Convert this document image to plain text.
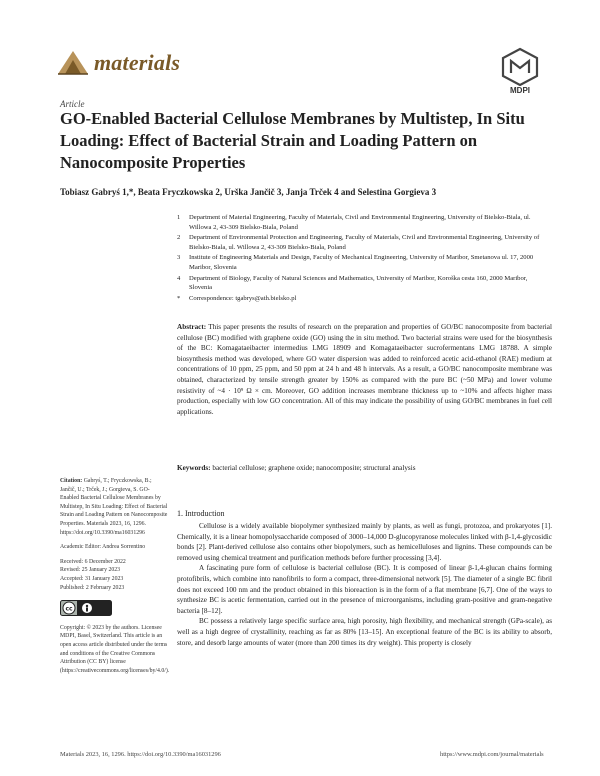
materials
MDPI
Article
GO-Enabled Bacterial Cellulose Membranes by Multistep, In Situ Loading: Effect of Bacterial Strain and Loading Pattern on Nanocomposite Properties
Tobiasz Gabryś 1,*, Beata Fryczkowska 2, Urška Jančič 3, Janja Trček 4 and Selestina Gorgieva 3
1	Department of Material Engineering, Faculty of Materials, Civil and Environmental Engineering, University of Bielsko-Biala, ul. Willowa 2, 43-309 Bielsko-Biala, Poland
2	Department of Environmental Protection and Engineering, Faculty of Materials, Civil and Environmental Engineering, University of Bielsko-Biala, ul. Willowa 2, 43-309 Bielsko-Biala, Poland
3	Institute of Engineering Materials and Design, Faculty of Mechanical Engineering, University of Maribor, Smetanova ul. 17, 2000 Maribor, Slovenia
4	Department of Biology, Faculty of Natural Sciences and Mathematics, University of Maribor, Koroška cesta 160, 2000 Maribor, Slovenia
*	Correspondence: tgabrys@ath.bielsko.pl
Abstract: This paper presents the results of research on the preparation and properties of GO/BC nanocomposite from bacterial cellulose (BC) modified with graphene oxide (GO) using the in situ method. Two bacterial strains were used for the biosynthesis of the BC: Komagataeibacter intermedius LMG 18909 and Komagataeibacter sucrofermentans LMG 18788. A simple biosynthesis method was developed, where GO water dispersion was added to reinforced acetic acid-ethanol (RAE) medium at concentrations of 10 ppm, 25 ppm, and 50 ppm at 24 h and 48 h intervals. As a result, a GO/BC nanocomposite membrane was obtained, characterized by tensile strength greater by 150% as compared with the pure BC (~50 MPa) and lower volume resistivity of ~4 · 10⁹ Ω × cm. Moreover, GO addition increases membrane thickness up to ~10% and affects higher mass production, especially with low GO concentration. All of this may indicate the possibility of using GO/BC membranes in fuel cell applications.
Keywords: bacterial cellulose; graphene oxide; nanocomposite; structural analysis
Citation: Gabryś, T.; Fryczkowska, B.; Jančič, U.; Trček, J.; Gorgieva, S. GO-Enabled Bacterial Cellulose Membranes by Multistep, In Situ Loading: Effect of Bacterial Strain and Loading Pattern on Nanocomposite Properties. Materials 2023, 16, 1296. https://doi.org/10.3390/ma16031296
Academic Editor: Andrea Sorrentino
Received: 6 December 2022
Revised: 25 January 2023
Accepted: 31 January 2023
Published: 2 February 2023
cc
Copyright: © 2023 by the authors. Licensee MDPI, Basel, Switzerland. This article is an open access article distributed under the terms and conditions of the Creative Commons Attribution (CC BY) license (https://creativecommons.org/licenses/by/4.0/).
1. Introduction

Cellulose is a widely available biopolymer synthesized mainly by plants, as well as fungi, protozoa, and prokaryotes [1]. Chemically, it is a linear homopolysaccharide composed of 3000–14,000 D-glucopyranose molecules linked with β-1,4-glycosidic bonds [2]. Plant-derived cellulose also contains other biopolymers, such as hemicelluloses and lignins. These compounds can be removed using chemical treatment and purification methods before further processing [3,4].

A fascinating pure form of cellulose is bacterial cellulose (BC). It is composed of linear β-1,4-glucan chains forming protofibrils, which combine into nanofibrils to form a compact, three-dimensional network [5]. The diameter of a single BC fibril does not exceed 100 nm and the product obtained in this bioreaction is in the form of a flat membrane [6,7]. One of the ways to synthesize BC is acetic fermentation, carried out in the presence of microorganisms, including gram-positive and gram-negative bacteria [8–12].

BC possess a relatively large specific surface area, high porosity, high flexibility, and mechanical strength (GPa-scale), as well as a high degree of crystallinity, reaching as far as 80% [13–15]. An exceptional feature of the BC is its ability to absorb, store, and desorb large amounts of water (more than 200 times its dry weight). This property is closely

Materials 2023, 16, 1296. https://doi.org/10.3390/ma16031296	https://www.mdpi.com/journal/materials
